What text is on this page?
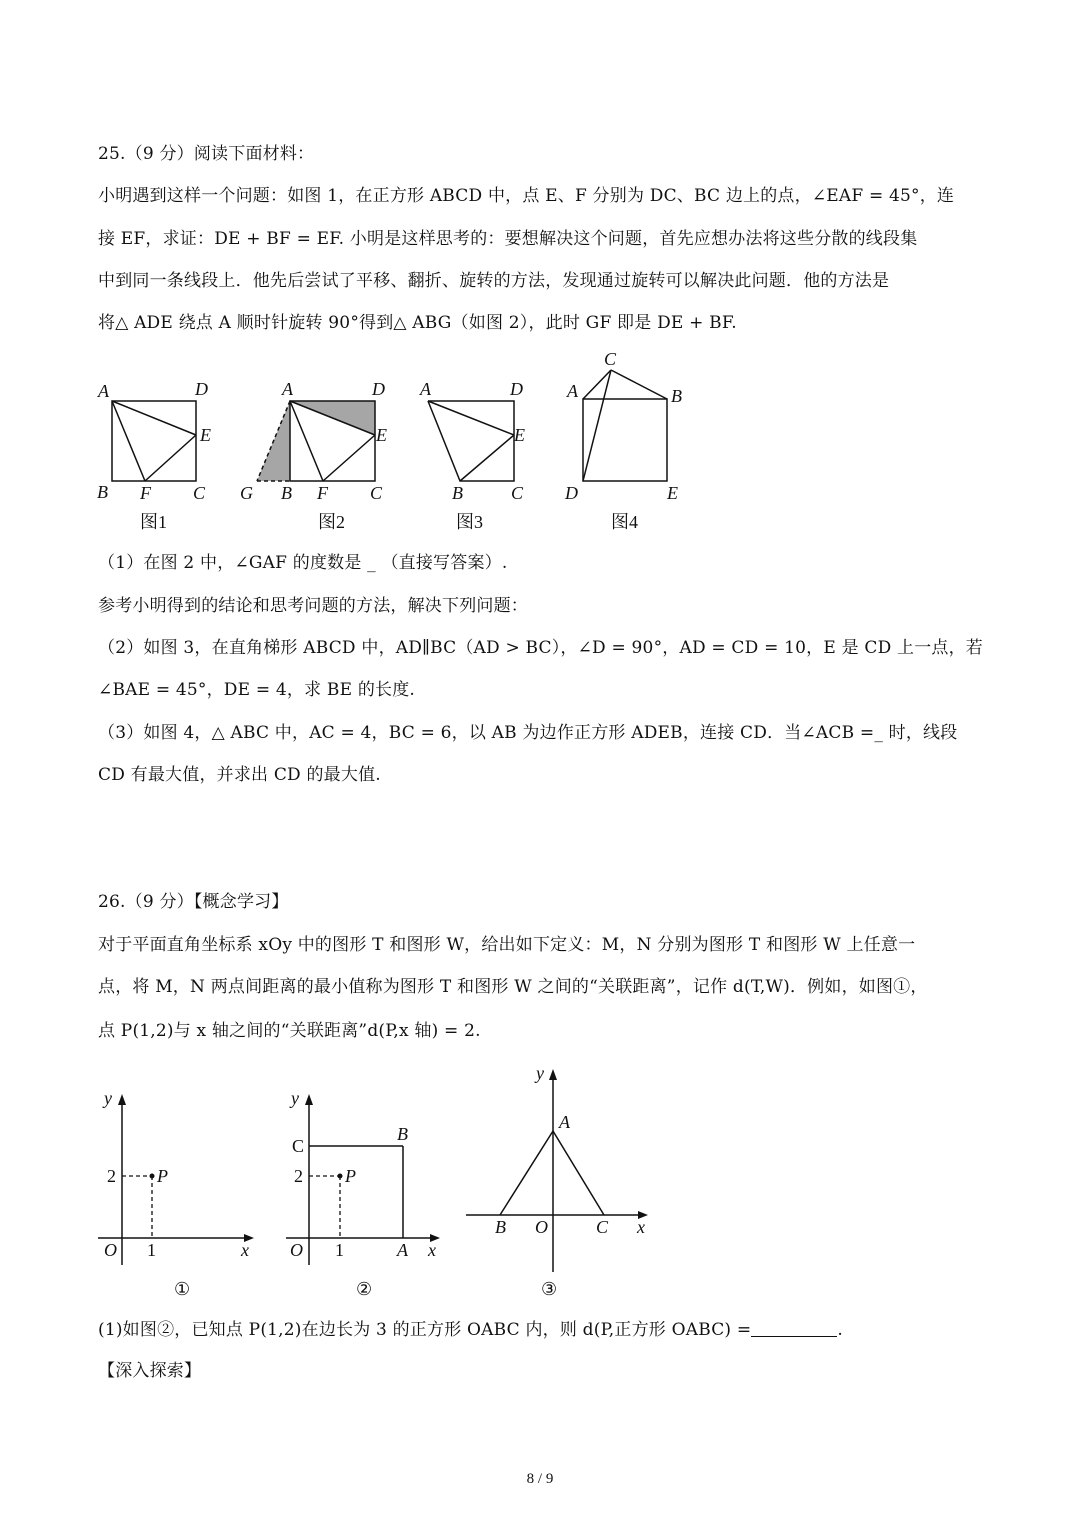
25.（9 分）阅读下面材料：
小明遇到这样一个问题：如图 1，在正方形 ABCD 中，点 E、F 分别为 DC、BC 边上的点，∠EAF = 45°，连
接 EF，求证：DE + BF = EF. 小明是这样思考的：要想解决这个问题，首先应想办法将这些分散的线段集
中到同一条线段上．他先后尝试了平移、翻折、旋转的方法，发现通过旋转可以解决此问题．他的方法是
将△ ADE 绕点 A 顺时针旋转 90°得到△ ABG（如图 2），此时 GF 即是 DE + BF.
A	D
E
B F C
图1
A	D
E
G B F C
图2
A	D
E
B	C
图3
C
A	B
D	E
图4
（1）在图 2 中，∠GAF 的度数是 _ （直接写答案）.
参考小明得到的结论和思考问题的方法，解决下列问题：
（2）如图 3，在直角梯形 ABCD 中，AD∥BC（AD > BC），∠D = 90°，AD = CD = 10，E 是 CD 上一点，若
∠BAE = 45°，DE = 4，求 BE 的长度.
（3）如图 4，△ ABC 中，AC = 4，BC = 6，以 AB 为边作正方形 ADEB，连接 CD．当∠ACB =_ 时，线段
CD 有最大值，并求出 CD 的最大值.
26.（9 分）【概念学习】
对于平面直角坐标系 xOy 中的图形 T 和图形 W，给出如下定义：M，N 分别为图形 T 和图形 W 上任意一
点，将 M，N 两点间距离的最小值称为图形 T 和图形 W 之间的“关联距离”，记作 d(T,W)．例如，如图①，
点 P(1,2)与 x 轴之间的“关联距离”d(P,x 轴) = 2.
y
2 P
O 1	x
①
y
C
B
2 P
O 1	A x
②
y
A
B O	C x
③
(1)如图②，已知点 P(1,2)在边长为 3 的正方形 OABC 内，则 d(P,正方形 OABC) =	.
【深入探索】
8 / 9
